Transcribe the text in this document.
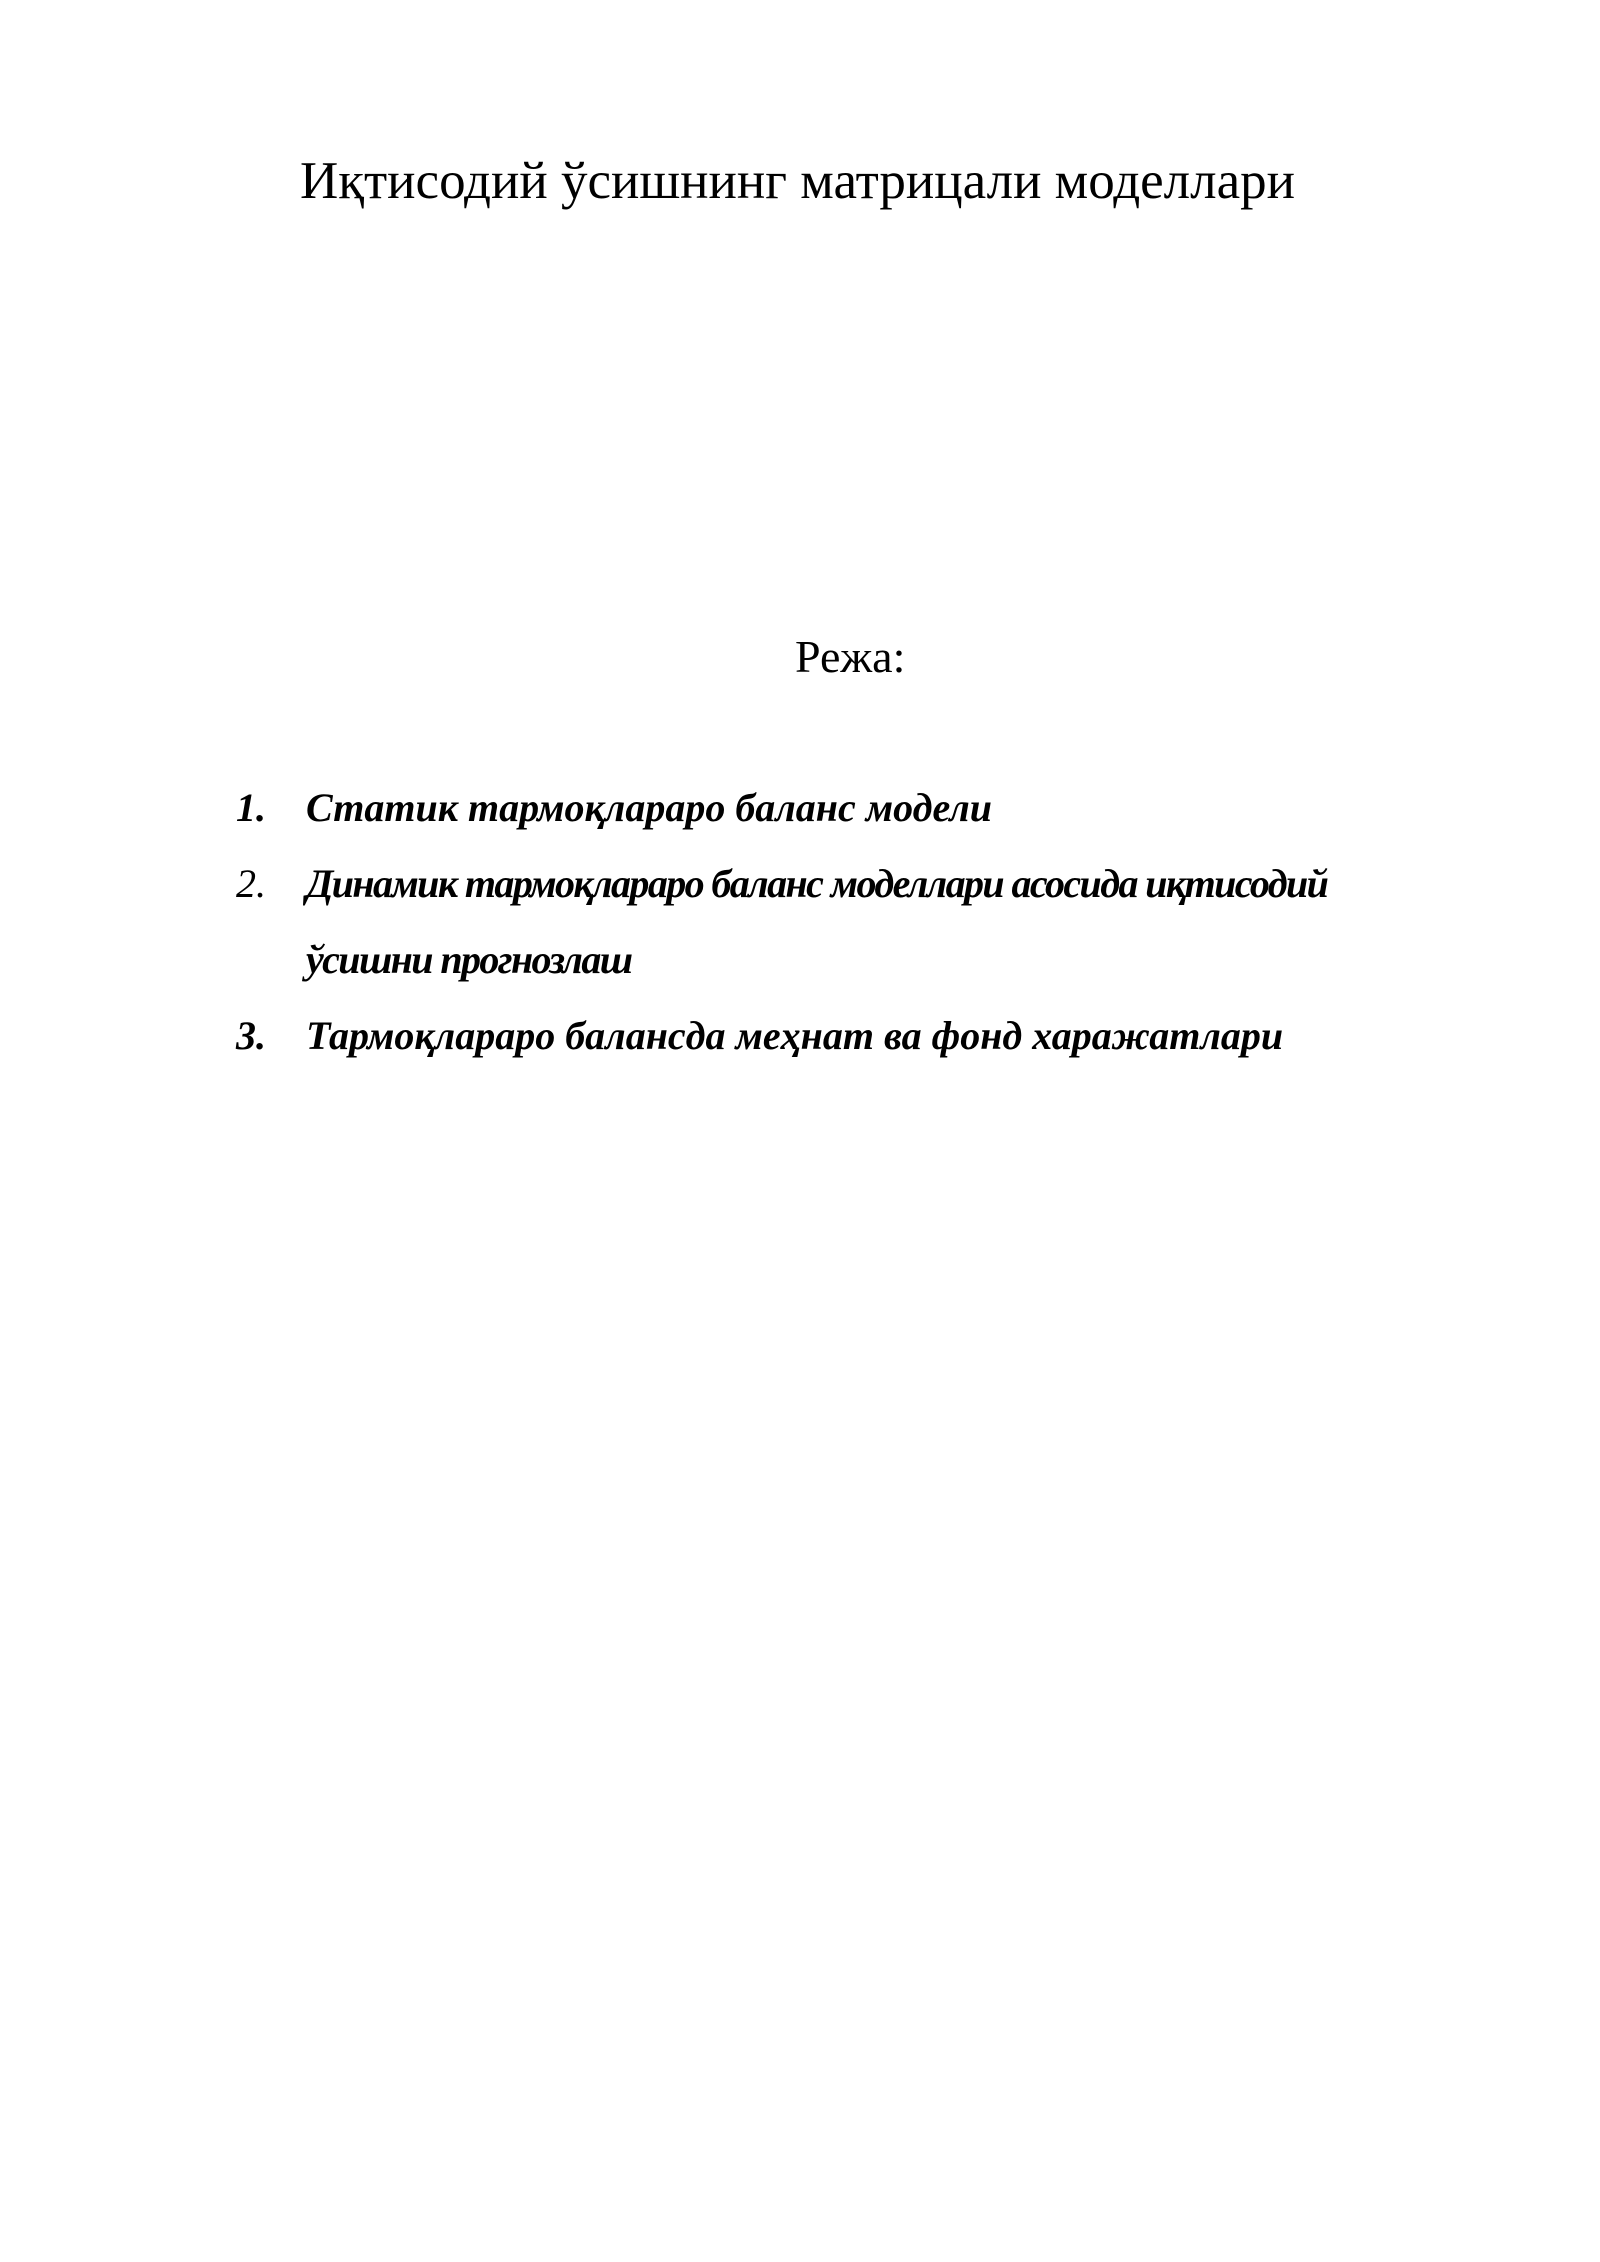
Иқтисодий ўсишнинг матрицали моделлари

Режа:

1. Статик тармоқлараро баланс модели
2. Динамик тармоқлараро баланс моделлари асосида иқтисодий ўсишни прогнозлаш
3. Тармоқлараро балансда меҳнат ва фонд харажатлари
